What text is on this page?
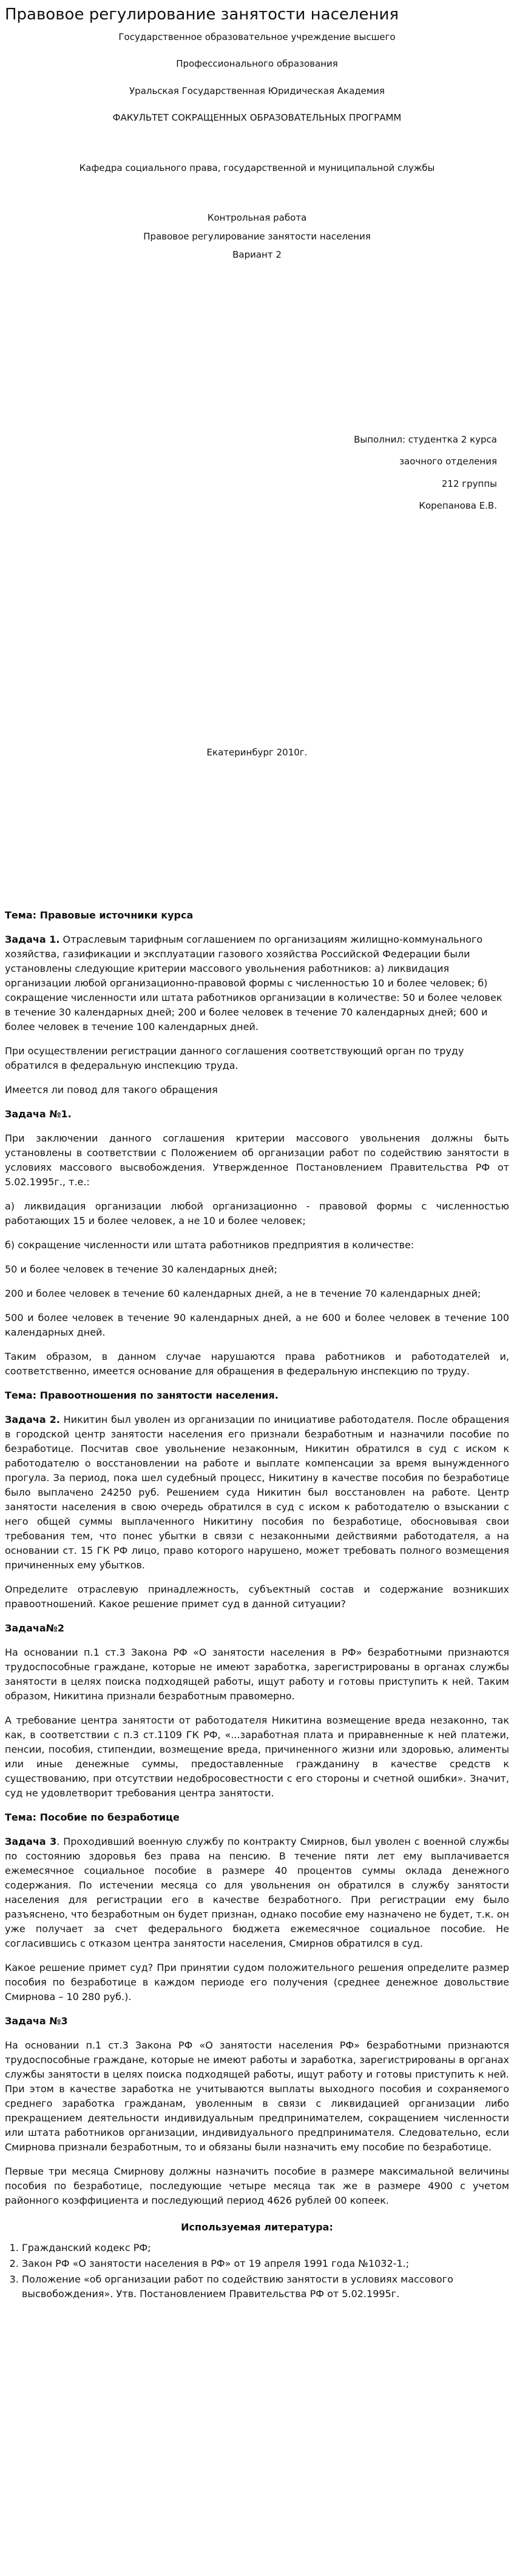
Правовое регулирование занятости населения

Государственное образовательное учреждение высшего

Профессионального образования

Уральская Государственная Юридическая Академия

ФАКУЛЬТЕТ СОКРАЩЕННЫХ ОБРАЗОВАТЕЛЬНЫХ ПРОГРАММ

Кафедра социального права, государственной и муниципальной службы

Контрольная работа

Правовое регулирование занятости населения

Вариант 2

Выполнил: студентка 2 курса

заочного отделения

212 группы

Корепанова Е.В.

Екатеринбург 2010г.

Тема: Правовые источники курса

Задача 1. Отраслевым тарифным соглашением по организациям жилищно-коммунального хозяйства, газификации и эксплуатации газового хозяйства Российской Федерации были установлены следующие критерии массового увольнения работников: а) ликвидация организации любой организационно-правовой формы с численностью 10 и более человек; б) сокращение численности или штата работников организации в количестве: 50 и более человек в течение 30 календарных дней; 200 и более человек в течение 70 календарных дней; 600 и более человек в течение 100 календарных дней.

При осуществлении регистрации данного соглашения соответствующий орган по труду обратился в федеральную инспекцию труда.

Имеется ли повод для такого обращения

Задача №1.

При заключении данного соглашения критерии массового увольнения должны быть установлены в соответствии с Положением об организации работ по содействию занятости в условиях массового высвобождения. Утвержденное Постановлением Правительства РФ от 5.02.1995г., т.е.:

а) ликвидация организации любой организационно - правовой формы с численностью работающих 15 и более человек, а не 10 и более человек;

б) сокращение численности или штата работников предприятия в количестве:

50 и более человек в течение 30 календарных дней;

200 и более человек в течение 60 календарных дней, а не в течение 70 календарных дней;

500 и более человек в течение 90 календарных дней, а не 600 и более человек в течение 100 календарных дней.

Таким образом, в данном случае нарушаются права работников и работодателей и, соответственно, имеется основание для обращения в федеральную инспекцию по труду.

Тема: Правоотношения по занятости населения.

Задача 2. Никитин был уволен из организации по инициативе работодателя. После обращения в городской центр занятости населения его признали безработным и назначили пособие по безработице. Посчитав свое увольнение незаконным, Никитин обратился в суд с иском к работодателю о восстановлении на работе и выплате компенсации за время вынужденного прогула. За период, пока шел судебный процесс, Никитину в качестве пособия по безработице было выплачено 24250 руб. Решением суда Никитин был восстановлен на работе. Центр занятости населения в свою очередь обратился в суд с иском к работодателю о взыскании с него общей суммы выплаченного Никитину пособия по безработице, обосновывая свои требования тем, что понес убытки в связи с незаконными действиями работодателя, а на основании ст. 15 ГК РФ лицо, право которого нарушено, может требовать полного возмещения причиненных ему убытков.

Определите отраслевую принадлежность, субъектный состав и содержание возникших правоотношений. Какое решение примет суд в данной ситуации?

Задача№2

На основании п.1 ст.3 Закона РФ «О занятости населения в РФ» безработными признаются трудоспособные граждане, которые не имеют заработка, зарегистрированы в органах службы занятости в целях поиска подходящей работы, ищут работу и готовы приступить к ней. Таким образом, Никитина признали безработным правомерно.

А требование центра занятости от работодателя Никитина возмещение вреда незаконно, так как, в соответствии с п.3 ст.1109 ГК РФ, «...заработная плата и приравненные к ней платежи, пенсии, пособия, стипендии, возмещение вреда, причиненного жизни или здоровью, алименты или иные денежные суммы, предоставленные гражданину в качестве средств к существованию, при отсутствии недобросовестности с его стороны и счетной ошибки». Значит, суд не удовлетворит требования центра занятости.

Тема: Пособие по безработице

Задача 3. Проходивший военную службу по контракту Смирнов, был уволен с военной службы по состоянию здоровья без права на пенсию. В течение пяти лет ему выплачивается ежемесячное социальное пособие в размере 40 процентов суммы оклада денежного содержания. По истечении месяца со для увольнения он обратился в службу занятости населения для регистрации его в качестве безработного. При регистрации ему было разъяснено, что безработным он будет признан, однако пособие ему назначено не будет, т.к. он уже получает за счет федерального бюджета ежемесячное социальное пособие. Не согласившись с отказом центра занятости населения, Смирнов обратился в суд.

Какое решение примет суд? При принятии судом положительного решения определите размер пособия по безработице в каждом периоде его получения (среднее денежное довольствие Смирнова – 10 280 руб.).

Задача №3

На основании п.1 ст.3 Закона РФ «О занятости населения РФ» безработными признаются трудоспособные граждане, которые не имеют работы и заработка, зарегистрированы в органах службы занятости в целях поиска подходящей работы, ищут работу и готовы приступить к ней. При этом в качестве заработка не учитываются выплаты выходного пособия и сохраняемого среднего заработка гражданам, уволенным в связи с ликвидацией организации либо прекращением деятельности индивидуальным предпринимателем, сокращением численности или штата работников организации, индивидуального предпринимателя. Следовательно, если Смирнова признали безработным, то и обязаны были назначить ему пособие по безработице.

Первые три месяца Смирнову должны назначить пособие в размере максимальной величины пособия по безработице, последующие четыре месяца так же в размере 4900 с учетом районного коэффициента и последующий период 4626 рублей 00 копеек.

Используемая литература:

1. Гражданский кодекс РФ;
2. Закон РФ «О занятости населения в РФ» от 19 апреля 1991 года №1032-1.;
3. Положение «об организации работ по содействию занятости в условиях массового высвобождения». Утв. Постановлением Правительства РФ от 5.02.1995г.
